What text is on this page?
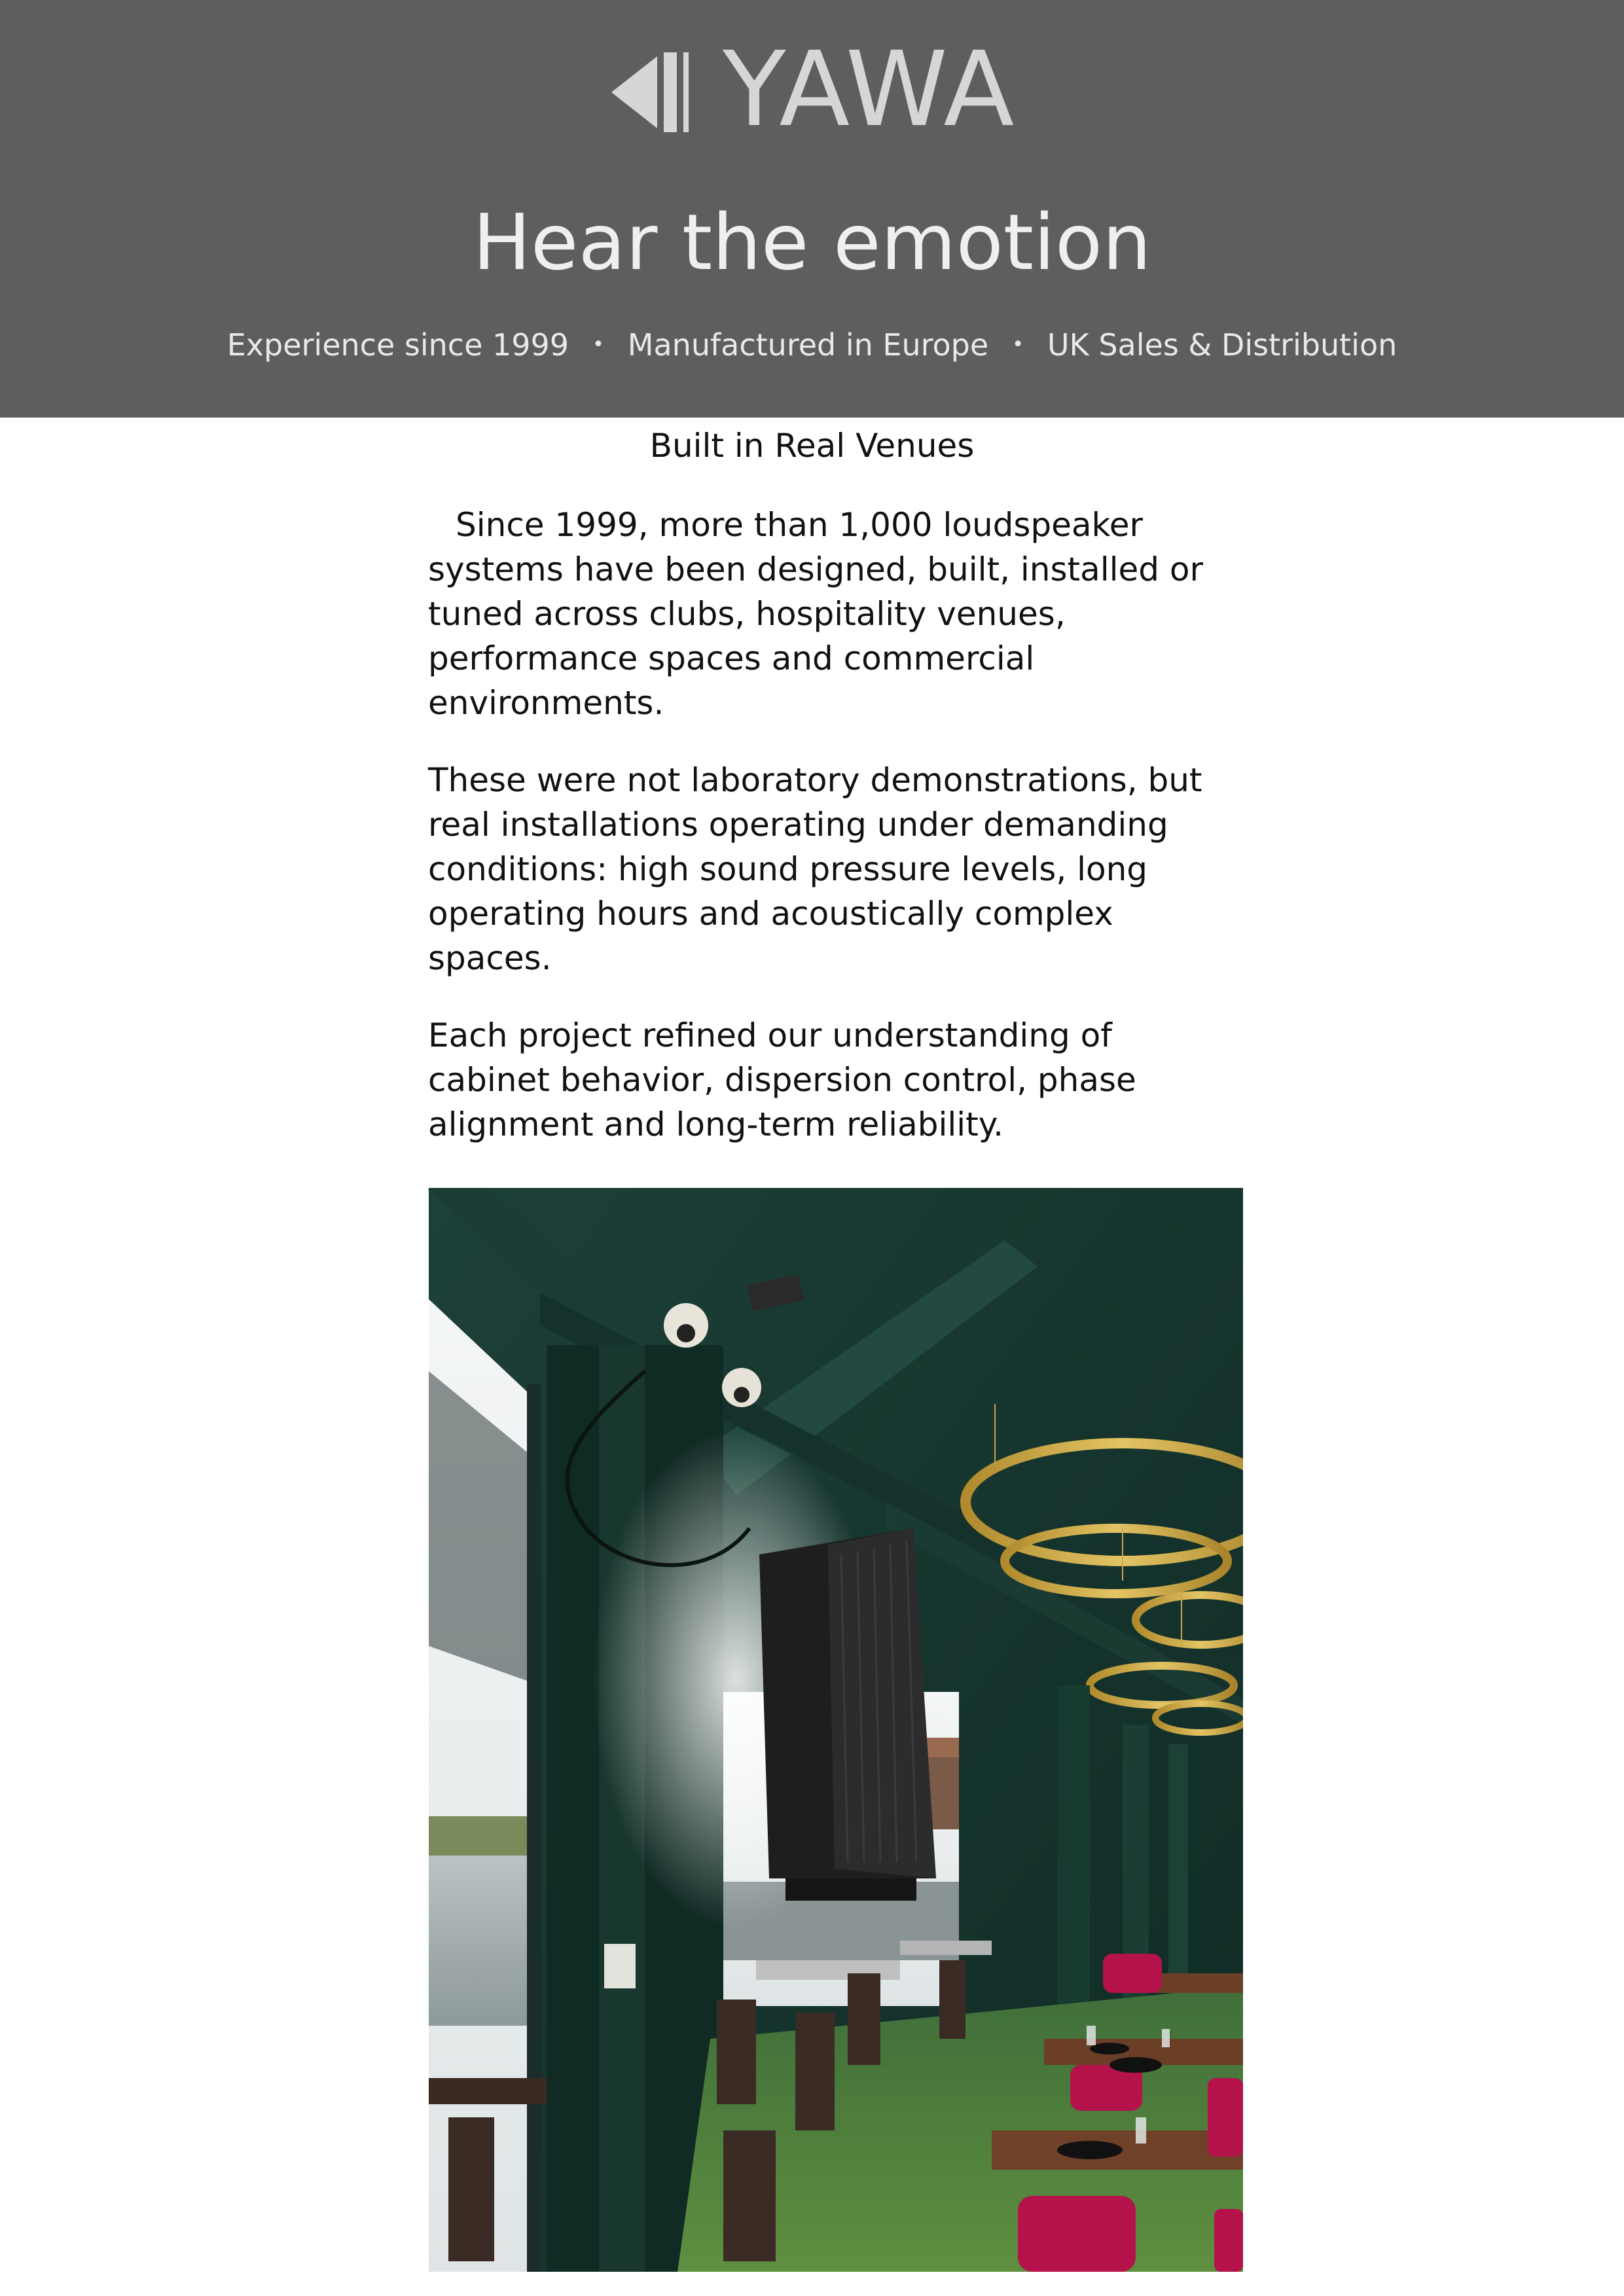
YAWA
Hear the emotion
Experience since 1999 • Manufactured in Europe • UK Sales & Distribution
Built in Real Venues

Since 1999, more than 1,000 loudspeaker systems have been designed, built, installed or tuned across clubs, hospitality venues, performance spaces and commercial environments.

These were not laboratory demonstrations, but real installations operating under demanding conditions: high sound pressure levels, long operating hours and acoustically complex spaces.

Each project refined our understanding of cabinet behavior, dispersion control, phase alignment and long-term reliability.
